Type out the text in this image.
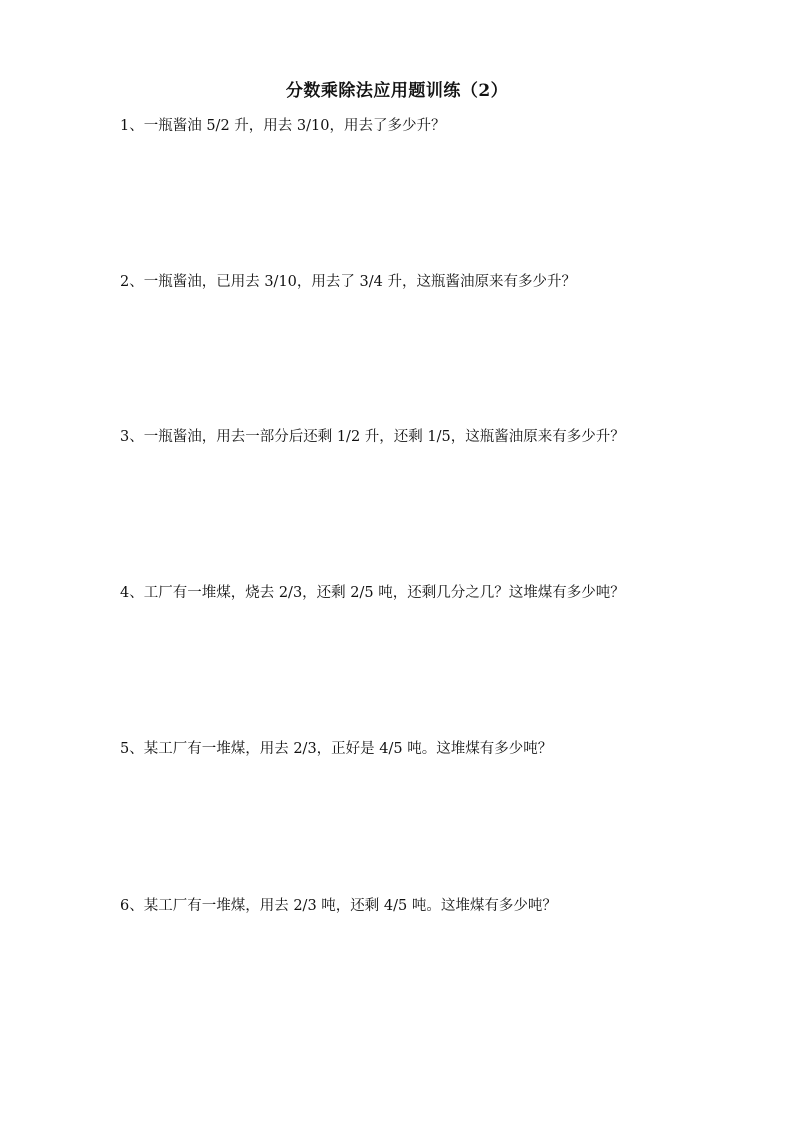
分数乘除法应用题训练（2）
1、一瓶酱油 5/2 升，用去 3/10，用去了多少升？
2、一瓶酱油，已用去 3/10，用去了 3/4 升，这瓶酱油原来有多少升？
3、一瓶酱油，用去一部分后还剩 1/2 升，还剩 1/5，这瓶酱油原来有多少升？
4、工厂有一堆煤，烧去 2/3，还剩 2/5 吨，还剩几分之几？这堆煤有多少吨？
5、某工厂有一堆煤，用去 2/3，正好是 4/5 吨。这堆煤有多少吨？
6、某工厂有一堆煤，用去 2/3 吨，还剩 4/5 吨。这堆煤有多少吨？
